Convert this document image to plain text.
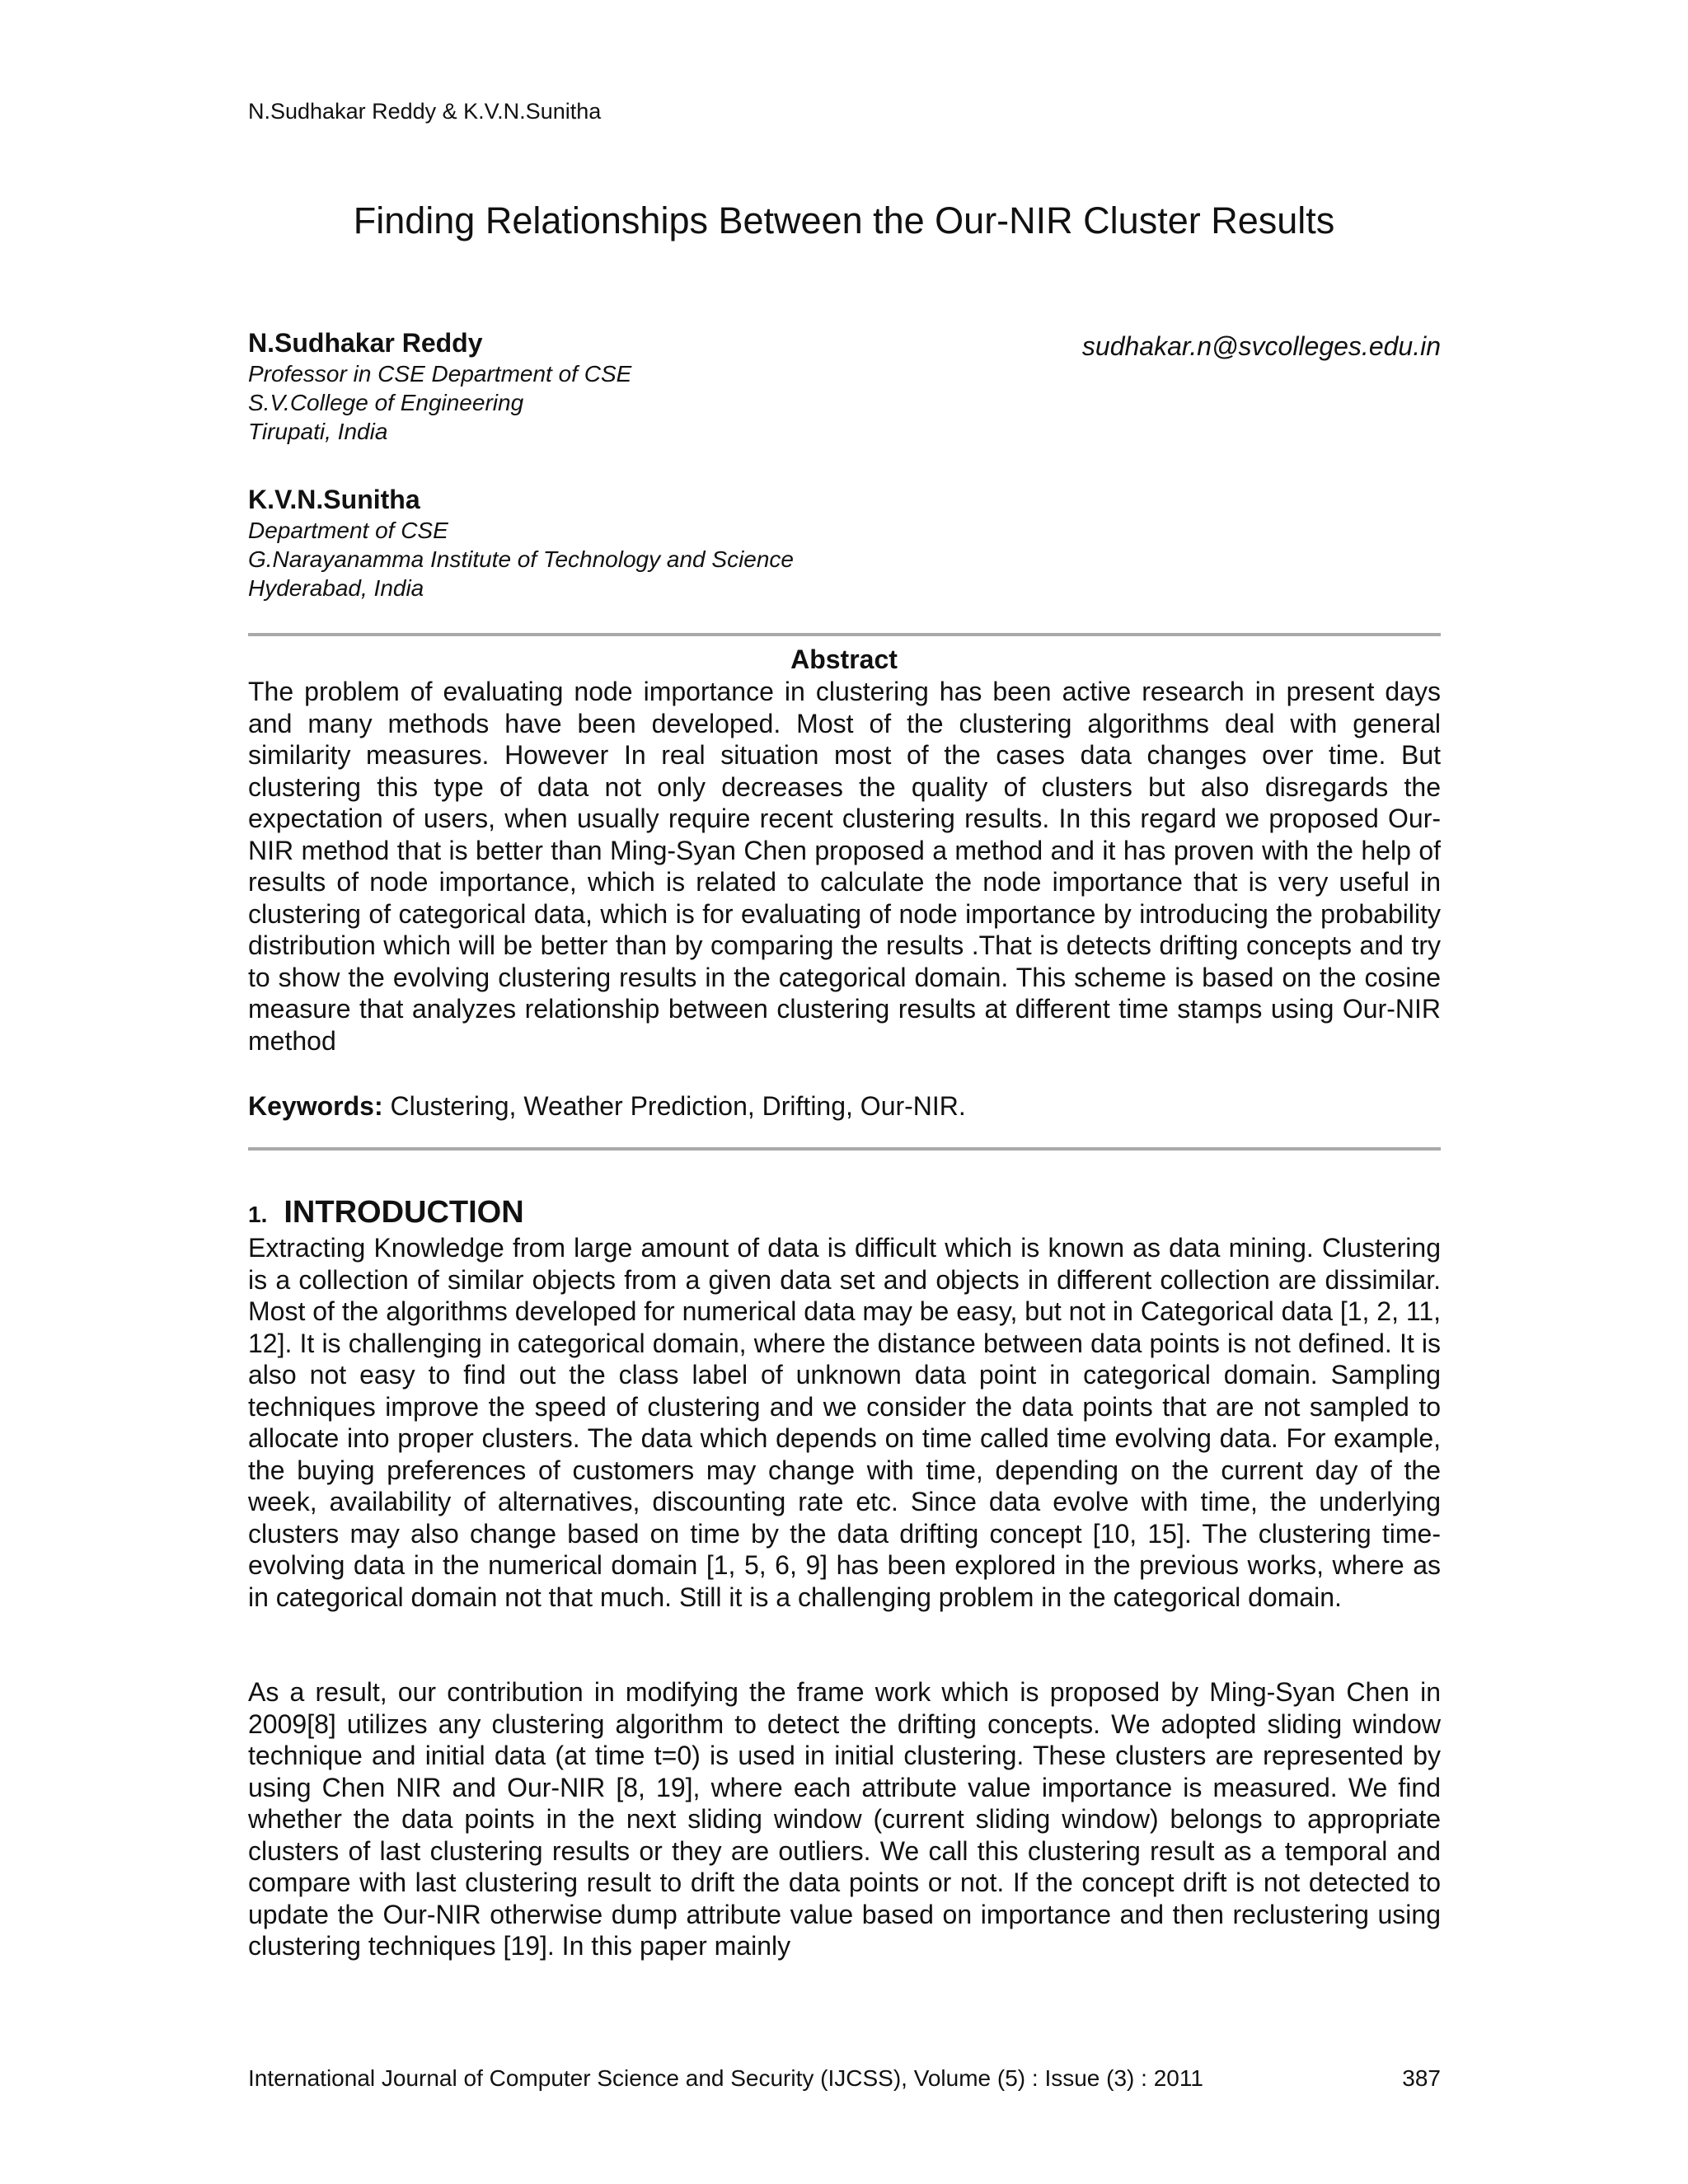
N.Sudhakar Reddy & K.V.N.Sunitha
Finding Relationships Between the Our-NIR Cluster Results
N.Sudhakar Reddy
Professor in CSE Department of CSE
S.V.College of Engineering
Tirupati, India
sudhakar.n@svcolleges.edu.in
K.V.N.Sunitha
Department of CSE
G.Narayanamma Institute of Technology and Science
Hyderabad, India
Abstract

The problem of evaluating node importance in clustering has been active research in present days and many methods have been developed. Most of the clustering algorithms deal with general similarity measures. However In real situation most of the cases data changes over time. But clustering this type of data not only decreases the quality of clusters but also disregards the expectation of users, when usually require recent clustering results. In this regard we proposed Our-NIR method that is better than Ming-Syan Chen proposed a method and it has proven with the help of results of node importance, which is related to calculate the node importance that is very useful in clustering of categorical data, which is for evaluating of node importance by introducing the probability distribution which will be better than by comparing the results .That is detects drifting concepts and try to show the evolving clustering results in the categorical domain. This scheme is based on the cosine measure that analyzes relationship between clustering results at different time stamps using Our-NIR method

Keywords: Clustering, Weather Prediction, Drifting, Our-NIR.
1. INTRODUCTION

Extracting Knowledge from large amount of data is difficult which is known as data mining. Clustering is a collection of similar objects from a given data set and objects in different collection are dissimilar. Most of the algorithms developed for numerical data may be easy, but not in Categorical data [1, 2, 11, 12]. It is challenging in categorical domain, where the distance between data points is not defined. It is also not easy to find out the class label of unknown data point in categorical domain. Sampling techniques improve the speed of clustering and we consider the data points that are not sampled to allocate into proper clusters. The data which depends on time called time evolving data. For example, the buying preferences of customers may change with time, depending on the current day of the week, availability of alternatives, discounting rate etc. Since data evolve with time, the underlying clusters may also change based on time by the data drifting concept [10, 15]. The clustering time-evolving data in the numerical domain [1, 5, 6, 9] has been explored in the previous works, where as in categorical domain not that much. Still it is a challenging problem in the categorical domain.

As a result, our contribution in modifying the frame work which is proposed by Ming-Syan Chen in 2009[8] utilizes any clustering algorithm to detect the drifting concepts. We adopted sliding window technique and initial data (at time t=0) is used in initial clustering. These clusters are represented by using Chen NIR and Our-NIR [8, 19], where each attribute value importance is measured. We find whether the data points in the next sliding window (current sliding window) belongs to appropriate clusters of last clustering results or they are outliers. We call this clustering result as a temporal and compare with last clustering result to drift the data points or not. If the concept drift is not detected to update the Our-NIR otherwise dump attribute value based on importance and then reclustering using clustering techniques [19]. In this paper mainly

International Journal of Computer Science and Security (IJCSS), Volume (5) : Issue (3) : 2011	387
